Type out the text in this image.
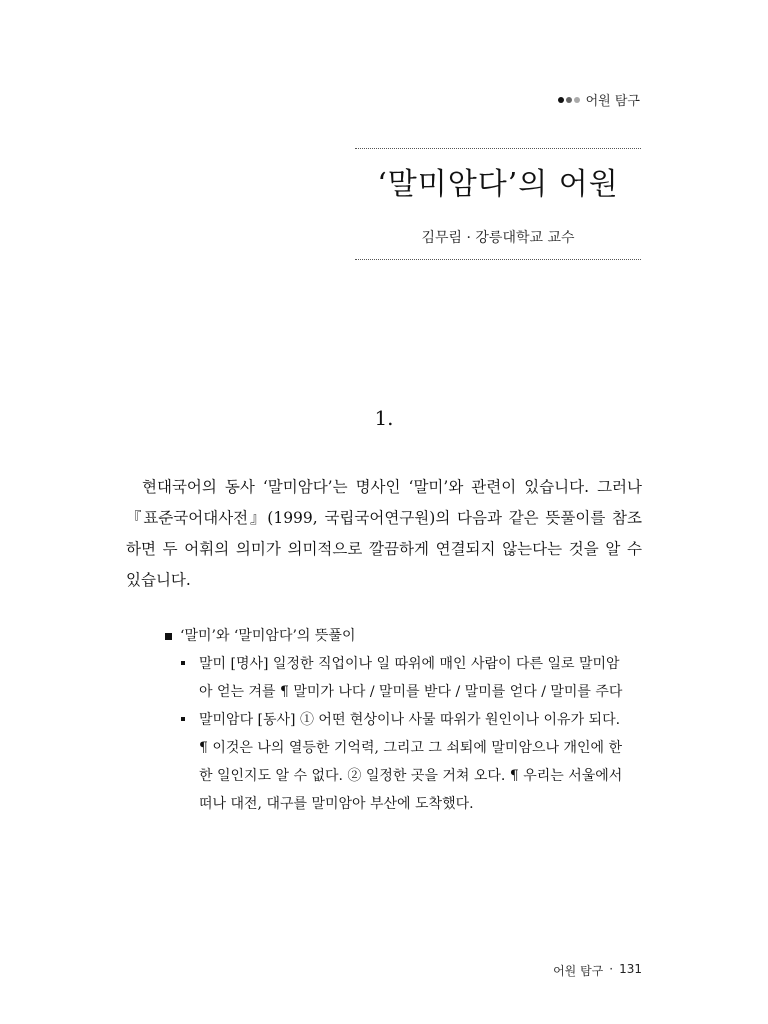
어원 탐구
‘말미암다’의 어원
김무림 · 강릉대학교 교수
1.

현대국어의 동사 ‘말미암다’는 명사인 ‘말미’와 관련이 있습니다. 그러나 『표준국어대사전』(1999, 국립국어연구원)의 다음과 같은 뜻풀이를 참조하면 두 어휘의 의미가 의미적으로 깔끔하게 연결되지 않는다는 것을 알 수 있습니다.

‘말미’와 ‘말미암다’의 뜻풀이
말미 [명사] 일정한 직업이나 일 따위에 매인 사람이 다른 일로 말미암아 얻는 겨를 ¶ 말미가 나다 / 말미를 받다 / 말미를 얻다 / 말미를 주다
말미암다 [동사] ① 어떤 현상이나 사물 따위가 원인이나 이유가 되다. ¶ 이것은 나의 열등한 기억력, 그리고 그 쇠퇴에 말미암으나 개인에 한한 일인지도 알 수 없다. ② 일정한 곳을 거쳐 오다. ¶ 우리는 서울에서 떠나 대전, 대구를 말미암아 부산에 도착했다.
어원 탐구 · 131
